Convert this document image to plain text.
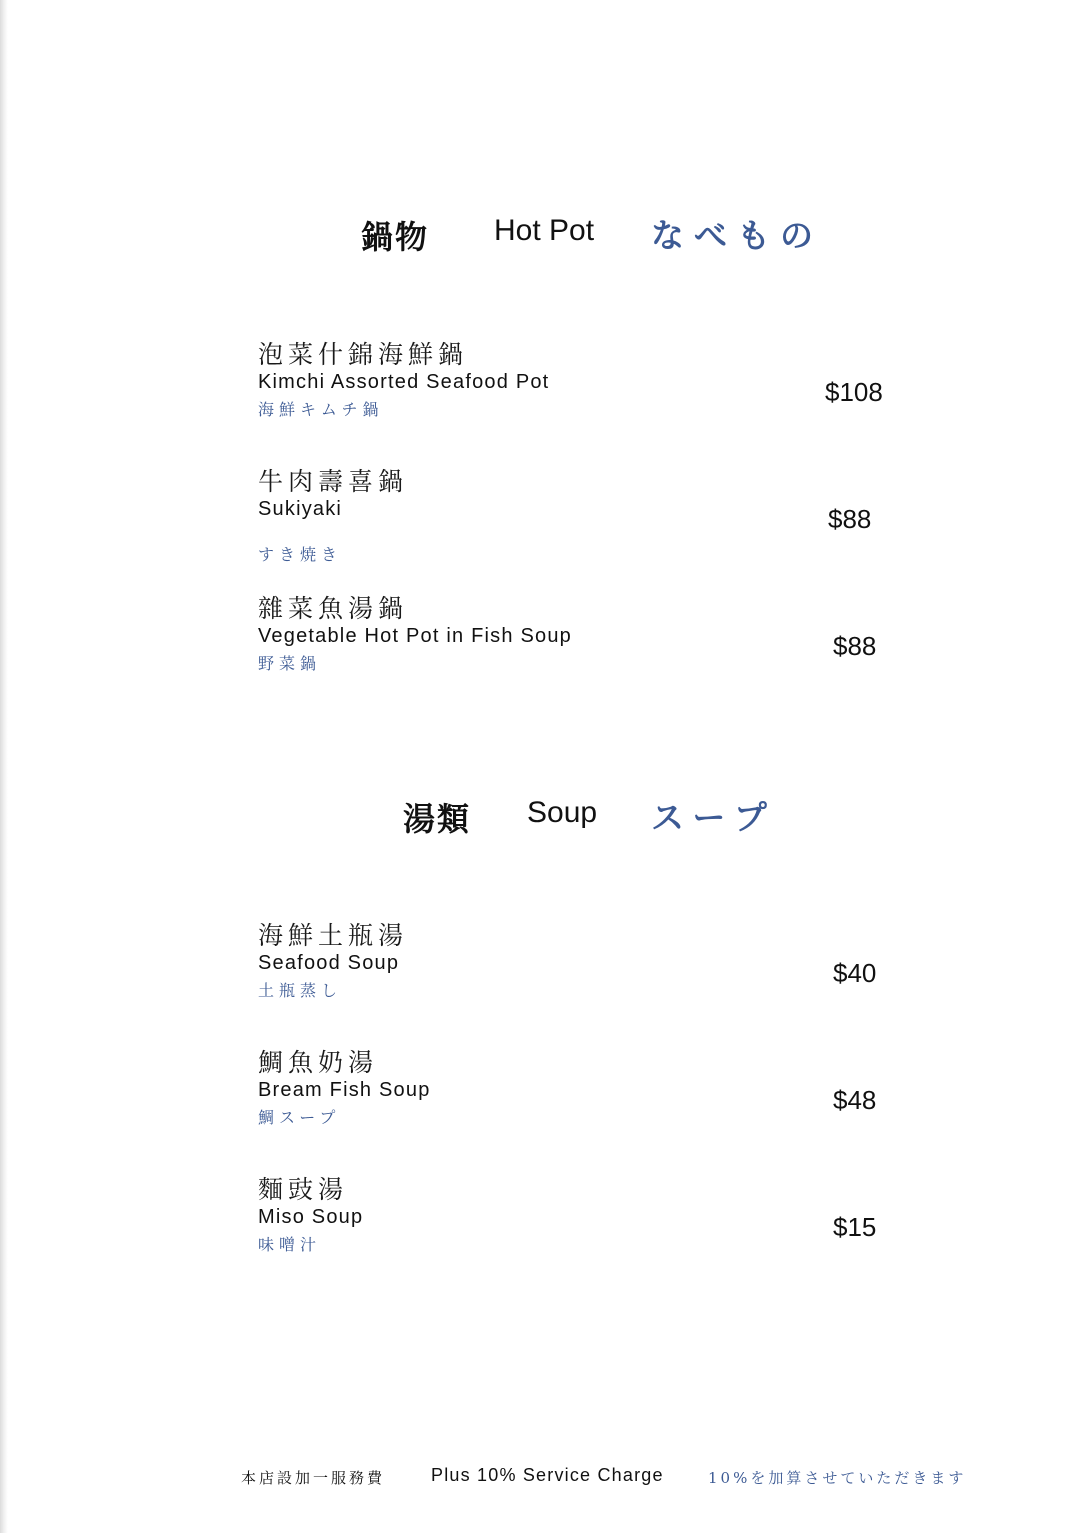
鍋物 Hot Pot なべもの
泡菜什錦海鮮鍋
Kimchi Assorted Seafood Pot
海鮮キムチ鍋
$108
牛肉壽喜鍋
Sukiyaki
すき焼き
$88
雜菜魚湯鍋
Vegetable Hot Pot in Fish Soup
野菜鍋
$88
湯類 Soup スープ
海鮮土瓶湯
Seafood Soup
土瓶蒸し
$40
鯛魚奶湯
Bream Fish Soup
鯛スープ
$48
麵豉湯
Miso Soup
味噌汁
$15
本店設加一服務費	Plus 10% Service Charge	10%を加算させていただきます
